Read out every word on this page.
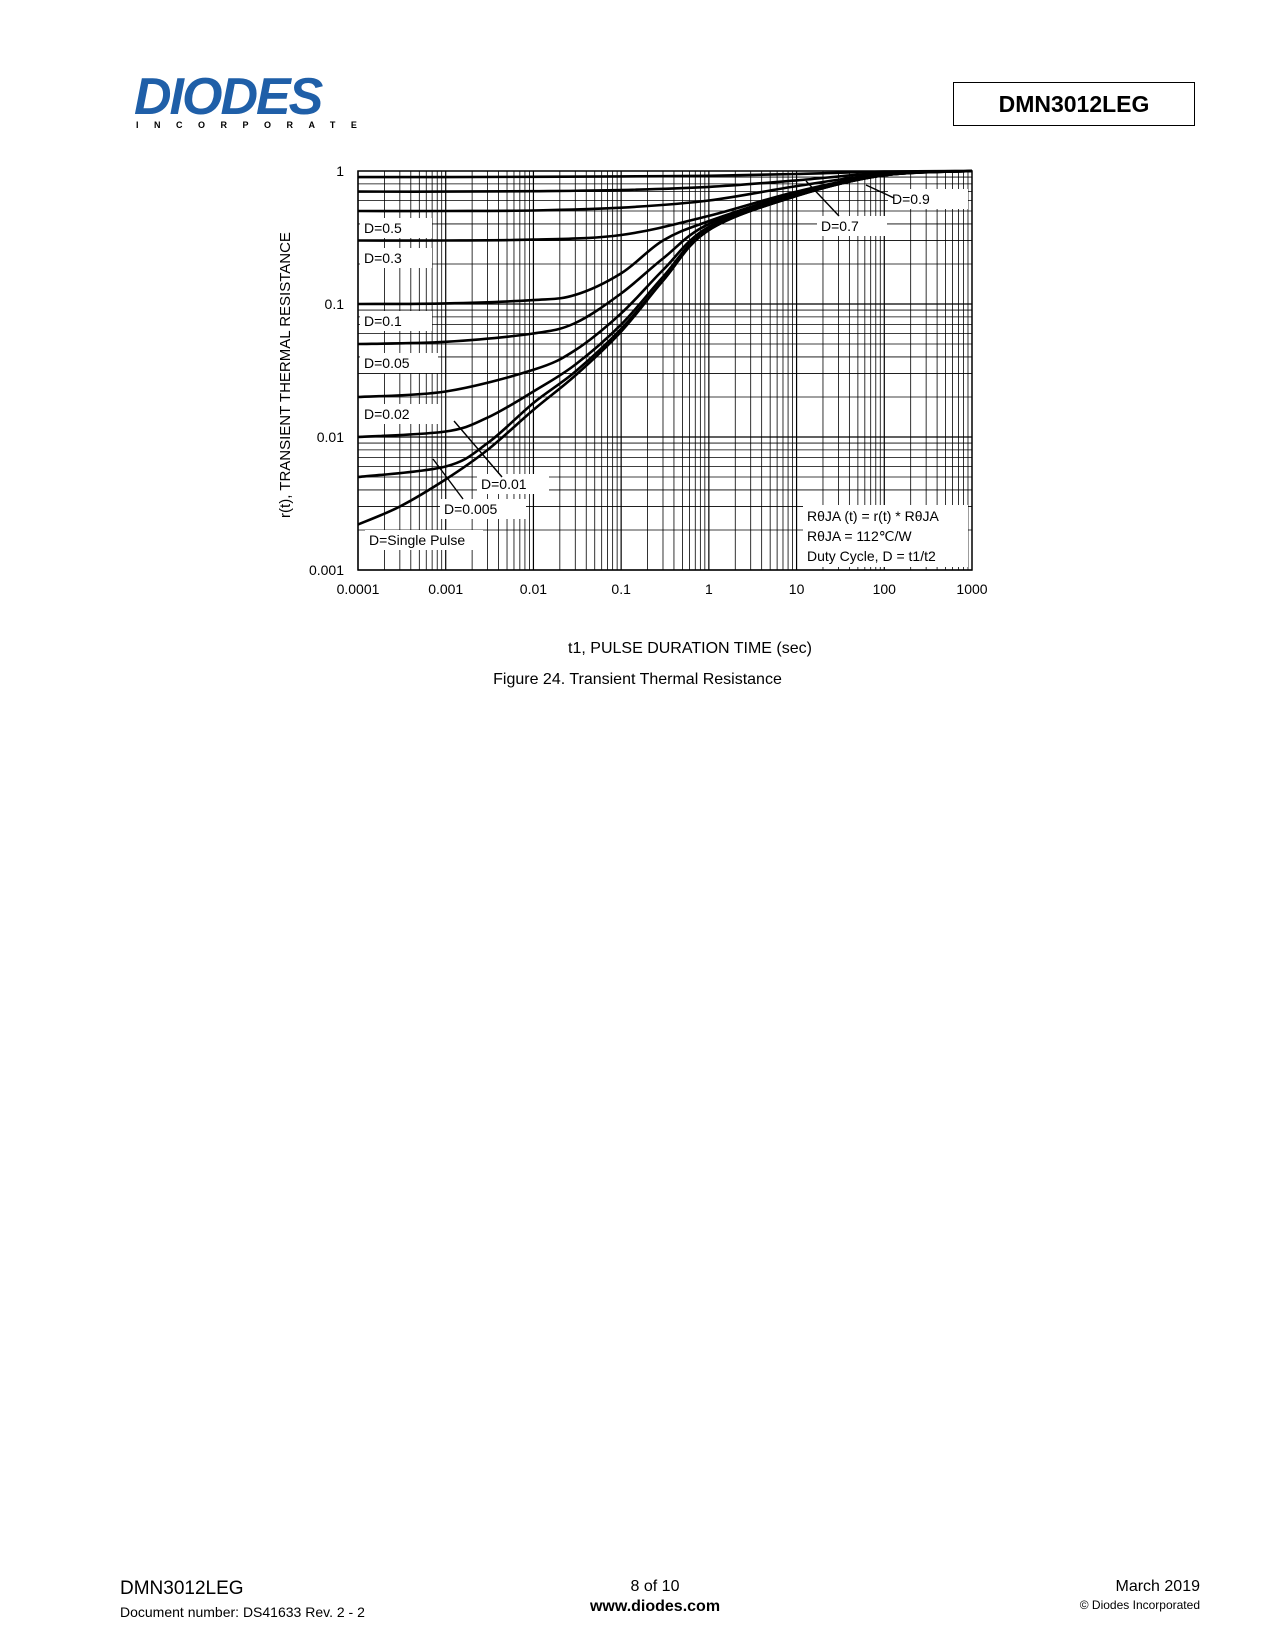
DIODES
INCORPORAT
DMN3012LEG
D=0.9
D=0.7
D=0.5
D=0.3
D=0.1
D=0.05
D=0.02
D=0.01
D=0.005
D=Single Pulse
RθJA (t) = r(t) * RθJA
RθJA = 112℃/W
Duty Cycle, D = t1/t2
0.0001	0.001	0.01	0.1	1	10	100	1000
1
0.1
0.01
0.001
r(t), TRANSIENT THERMAL RESISTANCE
t1, PULSE DURATION TIME (sec)
Figure 24. Transient Thermal Resistance
DMN3012LEG
Document number: DS41633 Rev. 2 - 2
8 of 10
www.diodes.com
March 2019
© Diodes Incorporated
